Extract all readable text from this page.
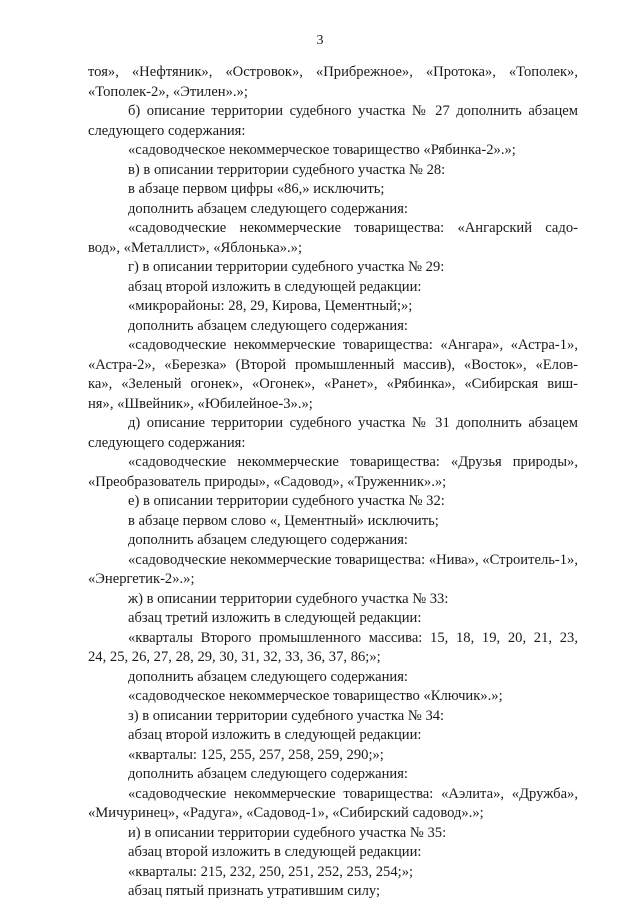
3
тоя», «Нефтяник», «Островок», «Прибрежное», «Протока», «Тополек»,
«Тополек-2», «Этилен».»;
б) описание территории судебного участка № 27 дополнить абзацем
следующего содержания:
«садоводческое некоммерческое товарищество «Рябинка-2».»;
в) в описании территории судебного участка № 28:
в абзаце первом цифры «86,» исключить;
дополнить абзацем следующего содержания:
«садоводческие некоммерческие товарищества: «Ангарский садо-
вод», «Металлист», «Яблонька».»;
г) в описании территории судебного участка № 29:
абзац второй изложить в следующей редакции:
«микрорайоны: 28, 29, Кирова, Цементный;»;
дополнить абзацем следующего содержания:
«садоводческие некоммерческие товарищества: «Ангара», «Астра-1»,
«Астра-2», «Березка» (Второй промышленный массив), «Восток», «Елов-
ка», «Зеленый огонек», «Огонек», «Ранет», «Рябинка», «Сибирская виш-
ня», «Швейник», «Юбилейное-3».»;
д) описание территории судебного участка № 31 дополнить абзацем
следующего содержания:
«садоводческие некоммерческие товарищества: «Друзья природы»,
«Преобразователь природы», «Садовод», «Труженник».»;
е) в описании территории судебного участка № 32:
в абзаце первом слово «, Цементный» исключить;
дополнить абзацем следующего содержания:
«садоводческие некоммерческие товарищества: «Нива», «Строитель-1»,
«Энергетик-2».»;
ж) в описании территории судебного участка № 33:
абзац третий изложить в следующей редакции:
«кварталы Второго промышленного массива: 15, 18, 19, 20, 21, 23,
24, 25, 26, 27, 28, 29, 30, 31, 32, 33, 36, 37, 86;»;
дополнить абзацем следующего содержания:
«садоводческое некоммерческое товарищество «Ключик».»;
з) в описании территории судебного участка № 34:
абзац второй изложить в следующей редакции:
«кварталы: 125, 255, 257, 258, 259, 290;»;
дополнить абзацем следующего содержания:
«садоводческие некоммерческие товарищества: «Аэлита», «Дружба»,
«Мичуринец», «Радуга», «Садовод-1», «Сибирский садовод».»;
и) в описании территории судебного участка № 35:
абзац второй изложить в следующей редакции:
«кварталы: 215, 232, 250, 251, 252, 253, 254;»;
абзац пятый признать утратившим силу;
